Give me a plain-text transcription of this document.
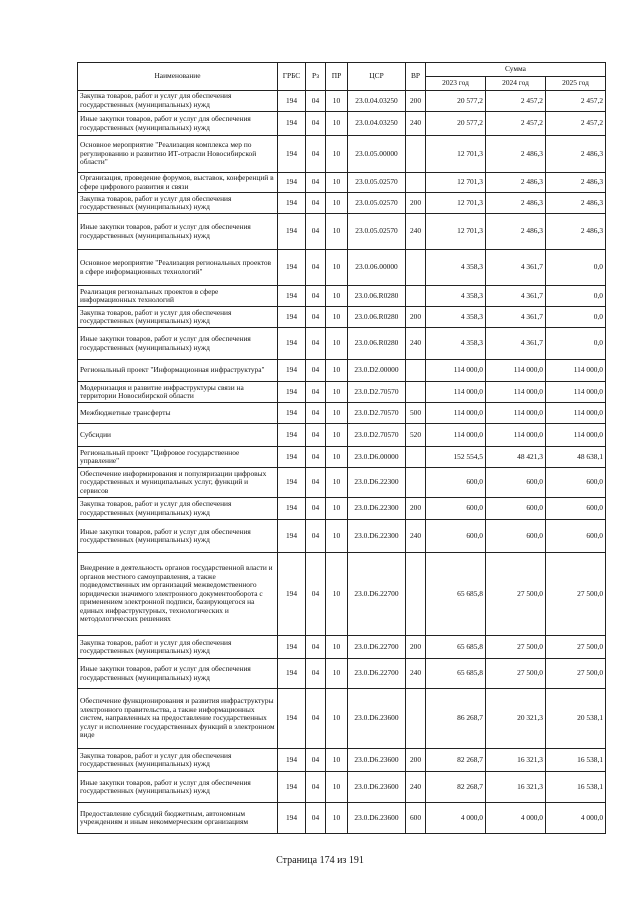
Наименование	ГРБС	Рз	ПР	ЦСР	ВР	Сумма		
						2023 год	2024 год	2025 год
Закупка товаров, работ и услуг для обеспечения государственных (муниципальных) нужд	194	04	10	23.0.04.03250	200	20 577,2	2 457,2	2 457,2
Иные закупки товаров, работ и услуг для обеспечения государственных (муниципальных) нужд	194	04	10	23.0.04.03250	240	20 577,2	2 457,2	2 457,2
Основное мероприятие "Реализация комплекса мер по регулированию и развитию ИТ-отрасли Новосибирской области"	194	04	10	23.0.05.00000		12 701,3	2 486,3	2 486,3
Организация, проведение форумов, выставок, конференций в сфере цифрового развития и связи	194	04	10	23.0.05.02570		12 701,3	2 486,3	2 486,3
Закупка товаров, работ и услуг для обеспечения государственных (муниципальных) нужд	194	04	10	23.0.05.02570	200	12 701,3	2 486,3	2 486,3
Иные закупки товаров, работ и услуг для обеспечения государственных (муниципальных) нужд	194	04	10	23.0.05.02570	240	12 701,3	2 486,3	2 486,3
Основное мероприятие "Реализация региональных проектов в сфере информационных технологий"	194	04	10	23.0.06.00000		4 358,3	4 361,7	0,0
Реализация региональных проектов в сфере информационных технологий	194	04	10	23.0.06.R0280		4 358,3	4 361,7	0,0
Закупка товаров, работ и услуг для обеспечения государственных (муниципальных) нужд	194	04	10	23.0.06.R0280	200	4 358,3	4 361,7	0,0
Иные закупки товаров, работ и услуг для обеспечения государственных (муниципальных) нужд	194	04	10	23.0.06.R0280	240	4 358,3	4 361,7	0,0
Региональный проект "Информационная инфраструктура"	194	04	10	23.0.D2.00000		114 000,0	114 000,0	114 000,0
Модернизация и развитие инфраструктуры связи на территории Новосибирской области	194	04	10	23.0.D2.70570		114 000,0	114 000,0	114 000,0
Межбюджетные трансферты	194	04	10	23.0.D2.70570	500	114 000,0	114 000,0	114 000,0
Субсидии	194	04	10	23.0.D2.70570	520	114 000,0	114 000,0	114 000,0
Региональный проект "Цифровое государственное управление"	194	04	10	23.0.D6.00000		152 554,5	48 421,3	48 638,1
Обеспечение информирования и популяризации цифровых государственных и муниципальных услуг, функций и сервисов	194	04	10	23.0.D6.22300		600,0	600,0	600,0
Закупка товаров, работ и услуг для обеспечения государственных (муниципальных) нужд	194	04	10	23.0.D6.22300	200	600,0	600,0	600,0
Иные закупки товаров, работ и услуг для обеспечения государственных (муниципальных) нужд	194	04	10	23.0.D6.22300	240	600,0	600,0	600,0
Внедрение в деятельность органов государственной власти и органов местного самоуправления, а также подведомственных им организаций межведомственного юридически значимого электронного документооборота с применением электронной подписи, базирующегося на единых инфраструктурных, технологических и методологических решениях	194	04	10	23.0.D6.22700		65 685,8	27 500,0	27 500,0
Закупка товаров, работ и услуг для обеспечения государственных (муниципальных) нужд	194	04	10	23.0.D6.22700	200	65 685,8	27 500,0	27 500,0
Иные закупки товаров, работ и услуг для обеспечения государственных (муниципальных) нужд	194	04	10	23.0.D6.22700	240	65 685,8	27 500,0	27 500,0
Обеспечение функционирования и развития инфраструктуры электронного правительства, а также информационных систем, направленных на предоставление государственных услуг и исполнение государственных функций в электронном виде	194	04	10	23.0.D6.23600		86 268,7	20 321,3	20 538,1
Закупка товаров, работ и услуг для обеспечения государственных (муниципальных) нужд	194	04	10	23.0.D6.23600	200	82 268,7	16 321,3	16 538,1
Иные закупки товаров, работ и услуг для обеспечения государственных (муниципальных) нужд	194	04	10	23.0.D6.23600	240	82 268,7	16 321,3	16 538,1
Предоставление субсидий бюджетным, автономным учреждениям и иным некоммерческим организациям	194	04	10	23.0.D6.23600	600	4 000,0	4 000,0	4 000,0
Страница 174 из 191
